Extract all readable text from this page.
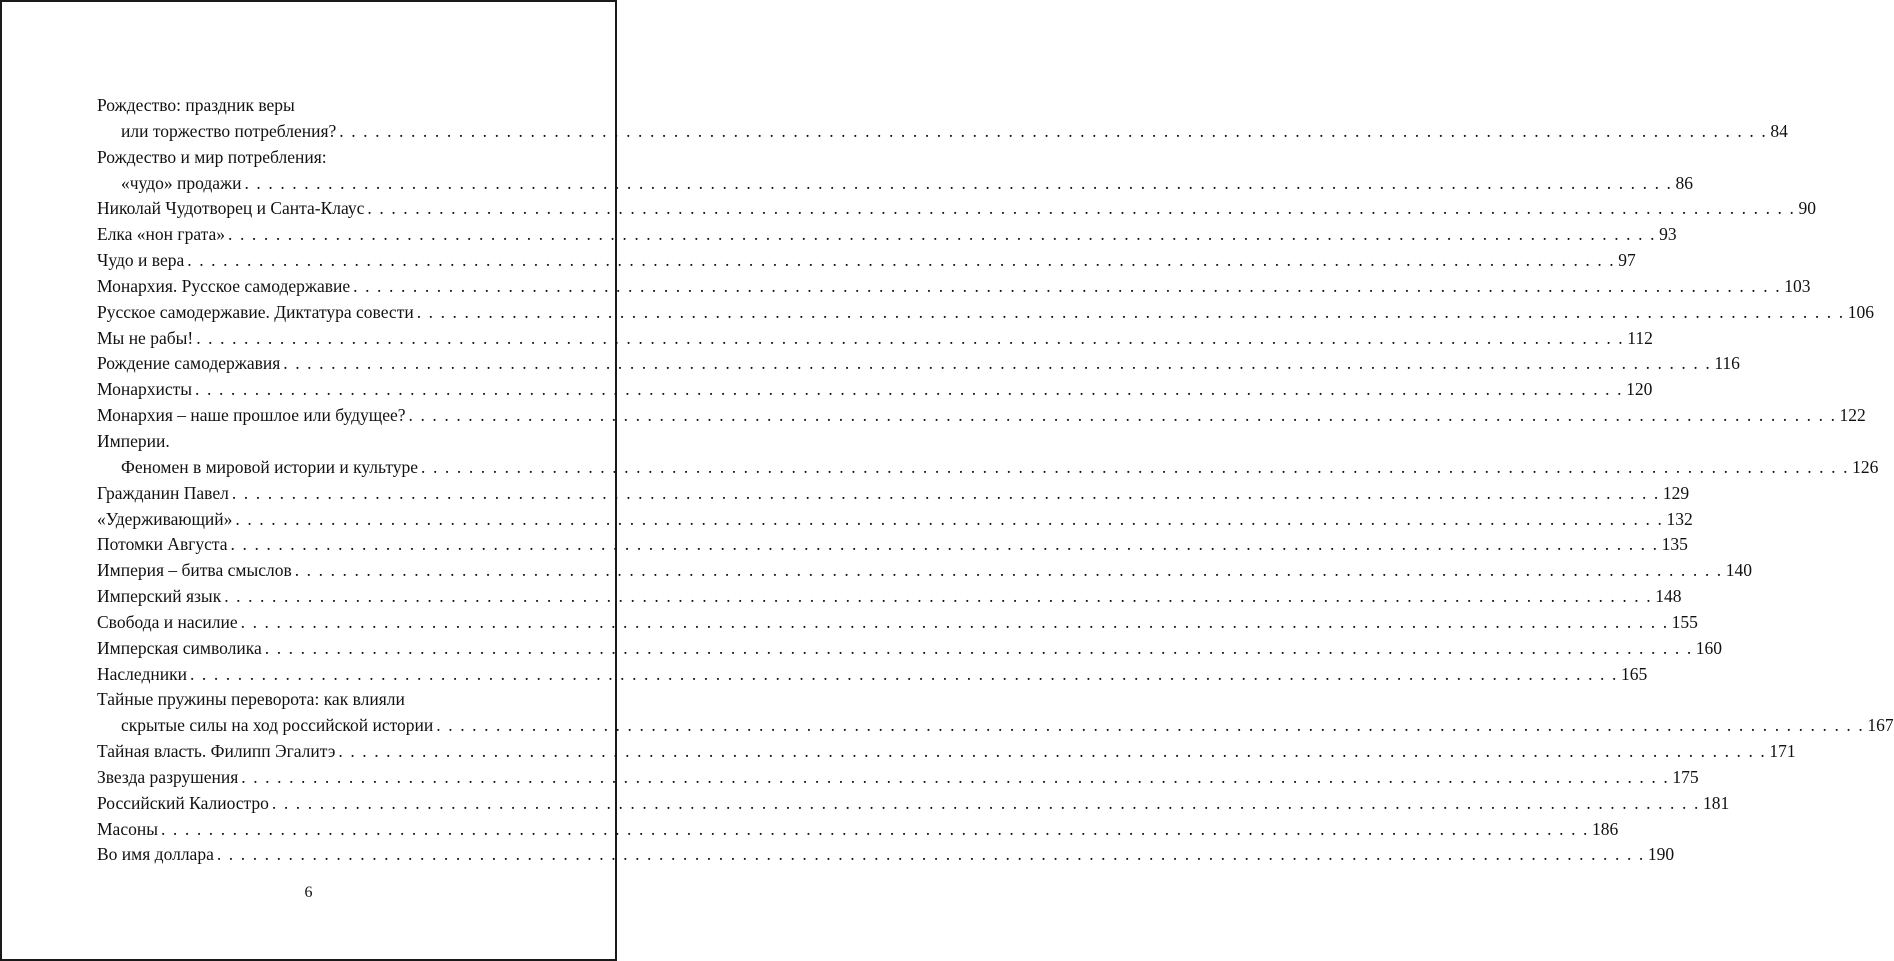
Рождество: праздник веры
или торжество потребления? . . . . . . . . . . . . . . . . . . . . . . . . . . . . . . . . . . . . . . . . . . . . . . . . . . . . . . . . . . . . . . . . . . . . . . . . . . . . . . . . . . . . . . . . . . . . . . . . . . . . . . . . . . . . . . . . . . . . . . . . 84
Рождество и мир потребления:
«чудо» продажи . . . . . . . . . . . . . . . . . . . . . . . . . . . . . . . . . . . . . . . . . . . . . . . . . . . . . . . . . . . . . . . . . . . . . . . . . . . . . . . . . . . . . . . . . . . . . . . . . . . . . . . . . . . . . . . . . . . . . . . . 86
Николай Чудотворец и Санта-Клаус . . . . . . . . . . . . . . . . . . . . . . . . . . . . . . . . . . . . . . . . . . . . . . . . . . . . . . . . . . . . . . . . . . . . . . . . . . . . . . . . . . . . . . . . . . . . . . . . . . . . . . . . . . . . . . . . . . . . . . . . 90
Елка «нон грата» . . . . . . . . . . . . . . . . . . . . . . . . . . . . . . . . . . . . . . . . . . . . . . . . . . . . . . . . . . . . . . . . . . . . . . . . . . . . . . . . . . . . . . . . . . . . . . . . . . . . . . . . . . . . . . . . . . . . . . . . 93
Чудо и вера . . . . . . . . . . . . . . . . . . . . . . . . . . . . . . . . . . . . . . . . . . . . . . . . . . . . . . . . . . . . . . . . . . . . . . . . . . . . . . . . . . . . . . . . . . . . . . . . . . . . . . . . . . . . . . . . . . . . . . . . 97
Монархия. Русское самодержавие . . . . . . . . . . . . . . . . . . . . . . . . . . . . . . . . . . . . . . . . . . . . . . . . . . . . . . . . . . . . . . . . . . . . . . . . . . . . . . . . . . . . . . . . . . . . . . . . . . . . . . . . . . . . . . . . . . . . . . . . 103
Русское самодержавие. Диктатура совести . . . . . . . . . . . . . . . . . . . . . . . . . . . . . . . . . . . . . . . . . . . . . . . . . . . . . . . . . . . . . . . . . . . . . . . . . . . . . . . . . . . . . . . . . . . . . . . . . . . . . . . . . . . . . . . . . . . . . . . . 106
Мы не рабы! . . . . . . . . . . . . . . . . . . . . . . . . . . . . . . . . . . . . . . . . . . . . . . . . . . . . . . . . . . . . . . . . . . . . . . . . . . . . . . . . . . . . . . . . . . . . . . . . . . . . . . . . . . . . . . . . . . . . . . . . 112
Рождение самодержавия . . . . . . . . . . . . . . . . . . . . . . . . . . . . . . . . . . . . . . . . . . . . . . . . . . . . . . . . . . . . . . . . . . . . . . . . . . . . . . . . . . . . . . . . . . . . . . . . . . . . . . . . . . . . . . . . . . . . . . . . 116
Монархисты . . . . . . . . . . . . . . . . . . . . . . . . . . . . . . . . . . . . . . . . . . . . . . . . . . . . . . . . . . . . . . . . . . . . . . . . . . . . . . . . . . . . . . . . . . . . . . . . . . . . . . . . . . . . . . . . . . . . . . . . 120
Монархия – наше прошлое или будущее? . . . . . . . . . . . . . . . . . . . . . . . . . . . . . . . . . . . . . . . . . . . . . . . . . . . . . . . . . . . . . . . . . . . . . . . . . . . . . . . . . . . . . . . . . . . . . . . . . . . . . . . . . . . . . . . . . . . . . . . . 122
Империи.
Феномен в мировой истории и культуре . . . . . . . . . . . . . . . . . . . . . . . . . . . . . . . . . . . . . . . . . . . . . . . . . . . . . . . . . . . . . . . . . . . . . . . . . . . . . . . . . . . . . . . . . . . . . . . . . . . . . . . . . . . . . . . . . . . . . . . . 126
Гражданин Павел . . . . . . . . . . . . . . . . . . . . . . . . . . . . . . . . . . . . . . . . . . . . . . . . . . . . . . . . . . . . . . . . . . . . . . . . . . . . . . . . . . . . . . . . . . . . . . . . . . . . . . . . . . . . . . . . . . . . . . . . 129
«Удерживающий» . . . . . . . . . . . . . . . . . . . . . . . . . . . . . . . . . . . . . . . . . . . . . . . . . . . . . . . . . . . . . . . . . . . . . . . . . . . . . . . . . . . . . . . . . . . . . . . . . . . . . . . . . . . . . . . . . . . . . . . . 132
Потомки Августа . . . . . . . . . . . . . . . . . . . . . . . . . . . . . . . . . . . . . . . . . . . . . . . . . . . . . . . . . . . . . . . . . . . . . . . . . . . . . . . . . . . . . . . . . . . . . . . . . . . . . . . . . . . . . . . . . . . . . . . . 135
Империя – битва смыслов . . . . . . . . . . . . . . . . . . . . . . . . . . . . . . . . . . . . . . . . . . . . . . . . . . . . . . . . . . . . . . . . . . . . . . . . . . . . . . . . . . . . . . . . . . . . . . . . . . . . . . . . . . . . . . . . . . . . . . . . 140
Имперский язык . . . . . . . . . . . . . . . . . . . . . . . . . . . . . . . . . . . . . . . . . . . . . . . . . . . . . . . . . . . . . . . . . . . . . . . . . . . . . . . . . . . . . . . . . . . . . . . . . . . . . . . . . . . . . . . . . . . . . . . . 148
Свобода и насилие . . . . . . . . . . . . . . . . . . . . . . . . . . . . . . . . . . . . . . . . . . . . . . . . . . . . . . . . . . . . . . . . . . . . . . . . . . . . . . . . . . . . . . . . . . . . . . . . . . . . . . . . . . . . . . . . . . . . . . . . 155
Имперская символика . . . . . . . . . . . . . . . . . . . . . . . . . . . . . . . . . . . . . . . . . . . . . . . . . . . . . . . . . . . . . . . . . . . . . . . . . . . . . . . . . . . . . . . . . . . . . . . . . . . . . . . . . . . . . . . . . . . . . . . . 160
Наследники . . . . . . . . . . . . . . . . . . . . . . . . . . . . . . . . . . . . . . . . . . . . . . . . . . . . . . . . . . . . . . . . . . . . . . . . . . . . . . . . . . . . . . . . . . . . . . . . . . . . . . . . . . . . . . . . . . . . . . . . 165
Тайные пружины переворота: как влияли
скрытые силы на ход российской истории . . . . . . . . . . . . . . . . . . . . . . . . . . . . . . . . . . . . . . . . . . . . . . . . . . . . . . . . . . . . . . . . . . . . . . . . . . . . . . . . . . . . . . . . . . . . . . . . . . . . . . . . . . . . . . . . . . . . . . . . 167
Тайная власть. Филипп Эгалитэ . . . . . . . . . . . . . . . . . . . . . . . . . . . . . . . . . . . . . . . . . . . . . . . . . . . . . . . . . . . . . . . . . . . . . . . . . . . . . . . . . . . . . . . . . . . . . . . . . . . . . . . . . . . . . . . . . . . . . . . . 171
Звезда разрушения . . . . . . . . . . . . . . . . . . . . . . . . . . . . . . . . . . . . . . . . . . . . . . . . . . . . . . . . . . . . . . . . . . . . . . . . . . . . . . . . . . . . . . . . . . . . . . . . . . . . . . . . . . . . . . . . . . . . . . . . 175
Российский Калиостро . . . . . . . . . . . . . . . . . . . . . . . . . . . . . . . . . . . . . . . . . . . . . . . . . . . . . . . . . . . . . . . . . . . . . . . . . . . . . . . . . . . . . . . . . . . . . . . . . . . . . . . . . . . . . . . . . . . . . . . . 181
Масоны . . . . . . . . . . . . . . . . . . . . . . . . . . . . . . . . . . . . . . . . . . . . . . . . . . . . . . . . . . . . . . . . . . . . . . . . . . . . . . . . . . . . . . . . . . . . . . . . . . . . . . . . . . . . . . . . . . . . . . . . 186
Во имя доллара . . . . . . . . . . . . . . . . . . . . . . . . . . . . . . . . . . . . . . . . . . . . . . . . . . . . . . . . . . . . . . . . . . . . . . . . . . . . . . . . . . . . . . . . . . . . . . . . . . . . . . . . . . . . . . . . . . . . . . . . 190
6
